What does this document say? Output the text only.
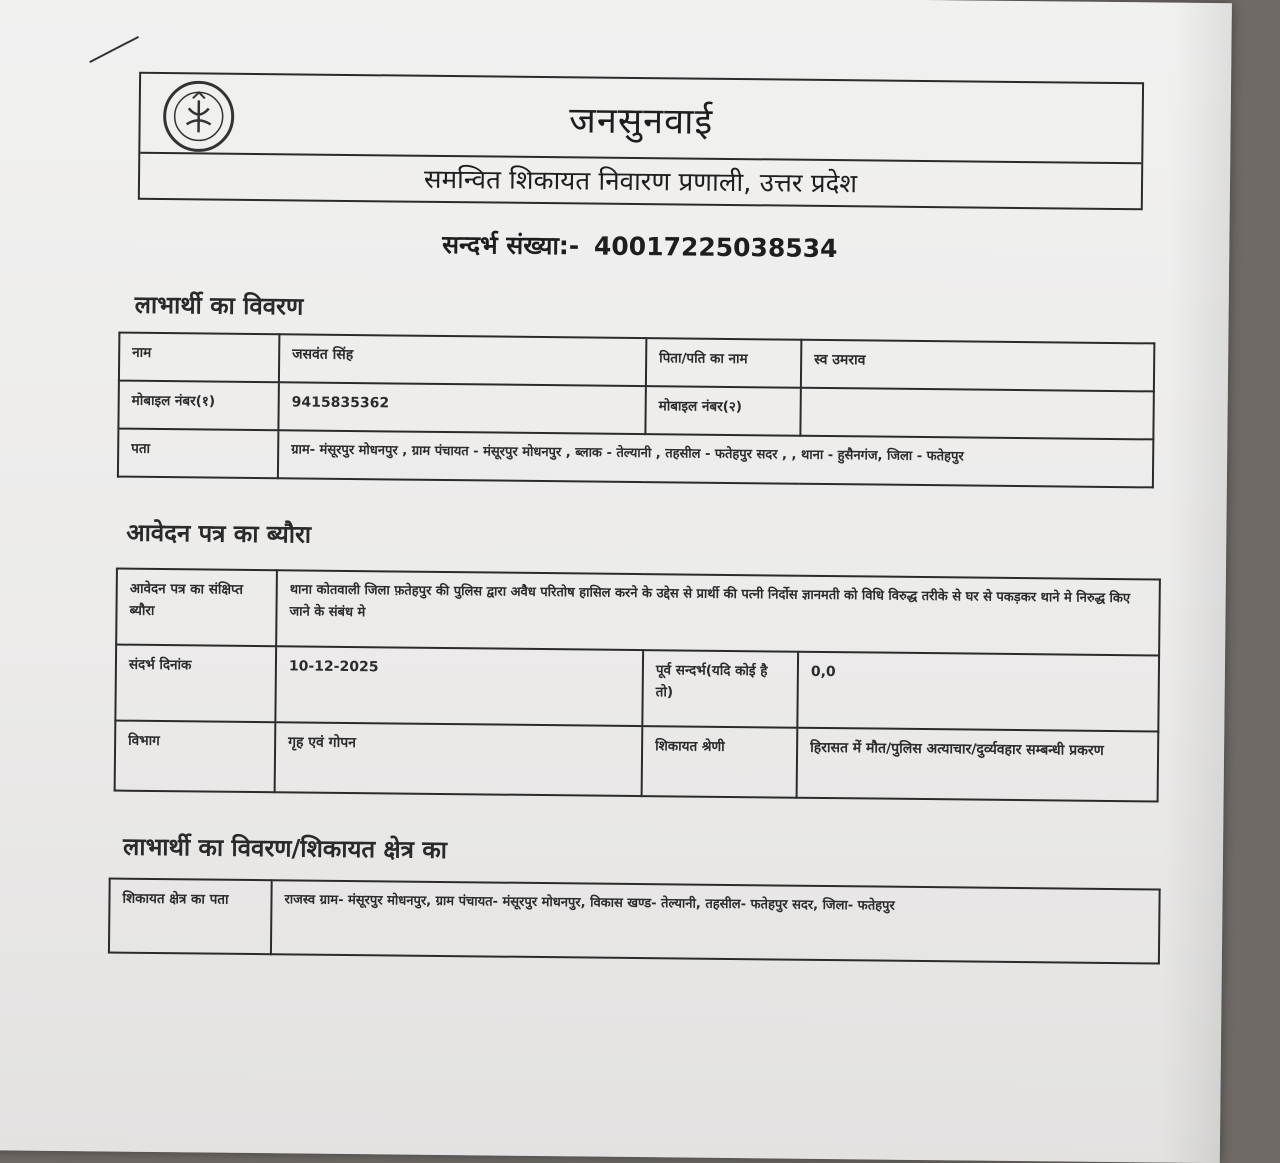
जनसुनवाई
समन्वित शिकायत निवारण प्रणाली, उत्तर प्रदेश
सन्दर्भ संख्या:- 40017225038534
लाभार्थी का विवरण
नाम	जसवंत सिंह	पिता/पति का नाम	स्व उमराव
मोबाइल नंबर(१)	9415835362	मोबाइल नंबर(२)	
पता	ग्राम- मंसूरपुर मोधनपुर , ग्राम पंचायत - मंसूरपुर मोधनपुर , ब्लाक - तेल्यानी , तहसील - फतेहपुर सदर , , थाना - हुसैनगंज, जिला - फतेहपुर		
आवेदन पत्र का ब्यौरा
आवेदन पत्र का संक्षिप्त ब्यौरा	थाना कोतवाली जिला फ़तेहपुर की पुलिस द्वारा अवैध परितोष हासिल करने के उद्देस से प्रार्थी की पत्नी निर्दोस ज्ञानमती को विधि विरुद्ध तरीके से घर से पकड़कर थाने मे निरुद्ध किए जाने के संबंध मे		
संदर्भ दिनांक	10-12-2025	पूर्व सन्दर्भ(यदि कोई है तो)	0,0
विभाग	गृह एवं गोपन	शिकायत श्रेणी	हिरासत में मौत/पुलिस अत्याचार/दुर्व्यवहार सम्बन्धी प्रकरण
लाभार्थी का विवरण/शिकायत क्षेत्र का
शिकायत क्षेत्र का पता	राजस्व ग्राम- मंसूरपुर मोधनपुर, ग्राम पंचायत- मंसूरपुर मोधनपुर, विकास खण्ड- तेल्यानी, तहसील- फतेहपुर सदर, जिला- फतेहपुर
